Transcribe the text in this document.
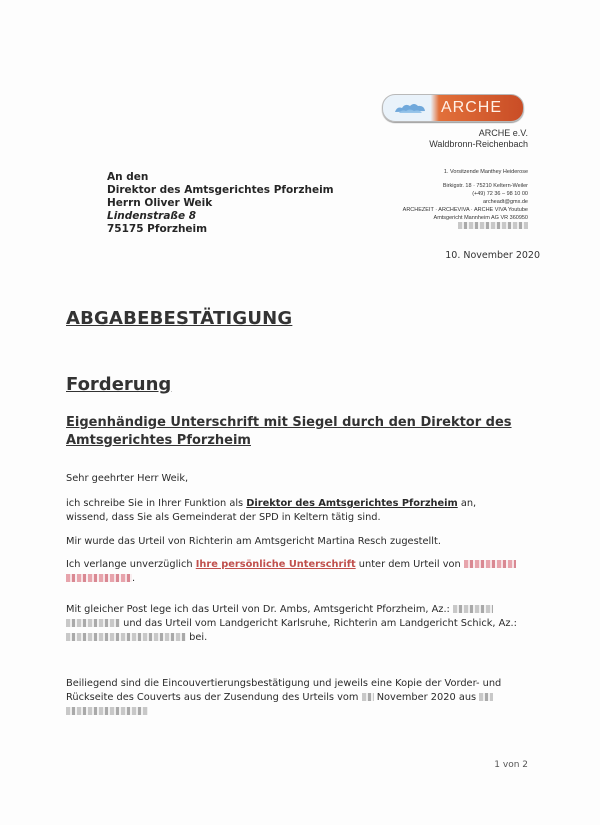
ARCHE
ARCHE e.V.
Waldbronn-Reichenbach
1. Vorsitzende Manthey Heiderose
Birkigstr. 18 · 75210 Keltern-Weiler
(+49) 72 36 – 98 10 00
archeadt@gmx.de
ARCHEZEIT · ARCHEVIVA · ARCHE VIVA Youtube
Amtsgericht Mannheim AG VR 360950
An den
Direktor des Amtsgerichtes Pforzheim
Herrn Oliver Weik
Lindenstraße 8
75175 Pforzheim
10. November 2020
ABGABEBESTÄTIGUNG
Forderung
Eigenhändige Unterschrift mit Siegel durch den Direktor des Amtsgerichtes Pforzheim
Sehr geehrter Herr Weik,
ich schreibe Sie in Ihrer Funktion als Direktor des Amtsgerichtes Pforzheim an,
wissend, dass Sie als Gemeinderat der SPD in Keltern tätig sind.
Mir wurde das Urteil von Richterin am Amtsgericht Martina Resch zugestellt.
Ich verlange unverzüglich Ihre persönliche Unterschrift unter dem Urteil von
.
Mit gleicher Post lege ich das Urteil von Dr. Ambs, Amtsgericht Pforzheim, Az.:
und das Urteil vom Landgericht Karlsruhe, Richterin am Landgericht Schick, Az.:
bei.
Beiliegend sind die Eincouvertierungsbestätigung und jeweils eine Kopie der Vorder- und
Rückseite des Couverts aus der Zusendung des Urteils vom  November 2020 aus

1 von 2
